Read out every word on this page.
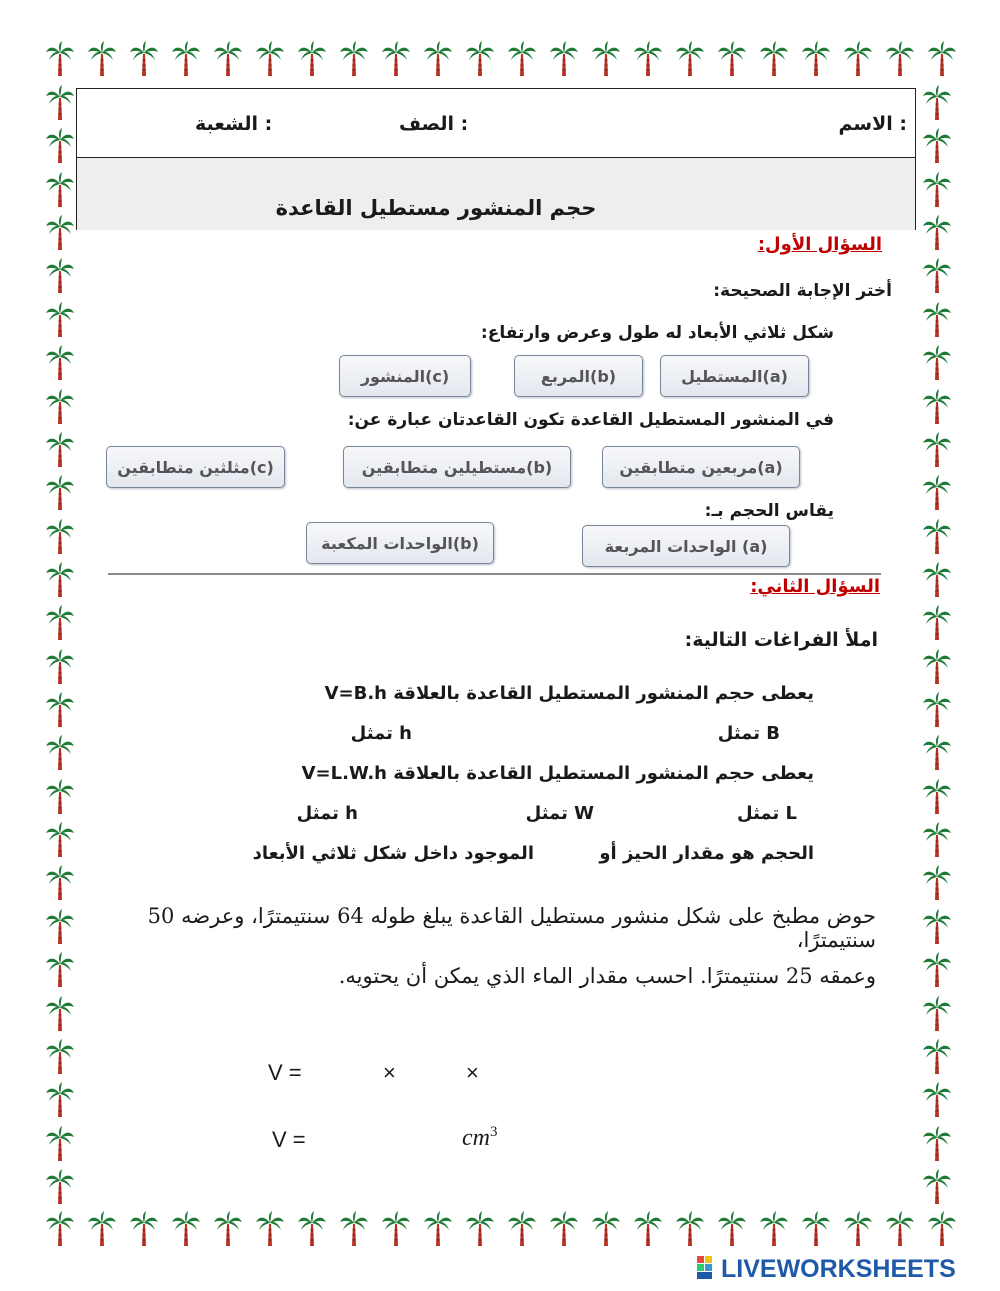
الاسم :
الصف :
الشعبة :
حجم المنشور مستطيل القاعدة
السؤال الأول:
أختر الإجابة الصحيحة:
شكل ثلاثي الأبعاد له طول وعرض وارتفاع:
(a)المستطيل
(b)المربع
(c)المنشور
في المنشور المستطيل القاعدة تكون القاعدتان عبارة عن:
(a)مربعين متطابقين
(b)مستطيلين متطابقين
(c)مثلثين متطابقين
يقاس الحجم بـ:
(a) الواحدات المربعة
(b)الواحدات المكعبة
السؤال الثاني:
املأ الفراغات التالية:
يعطى حجم المنشور المستطيل القاعدة بالعلاقة V=B.h
B تمثل
h تمثل
يعطى حجم المنشور المستطيل القاعدة بالعلاقة V=L.W.h
L تمثل
W تمثل
h تمثل
الحجم هو مقدار الحيز أو
الموجود داخل شكل ثلاثي الأبعاد
حوض مطبخ على شكل منشور مستطيل القاعدة يبلغ طوله 64 سنتيمترًا، وعرضه 50 سنتيمترًا،
وعمقه 25 سنتيمترًا. احسب مقدار الماء الذي يمكن أن يحتويه.
V =	×	×
V =	$cm^3$
LIVEWORKSHEETS
